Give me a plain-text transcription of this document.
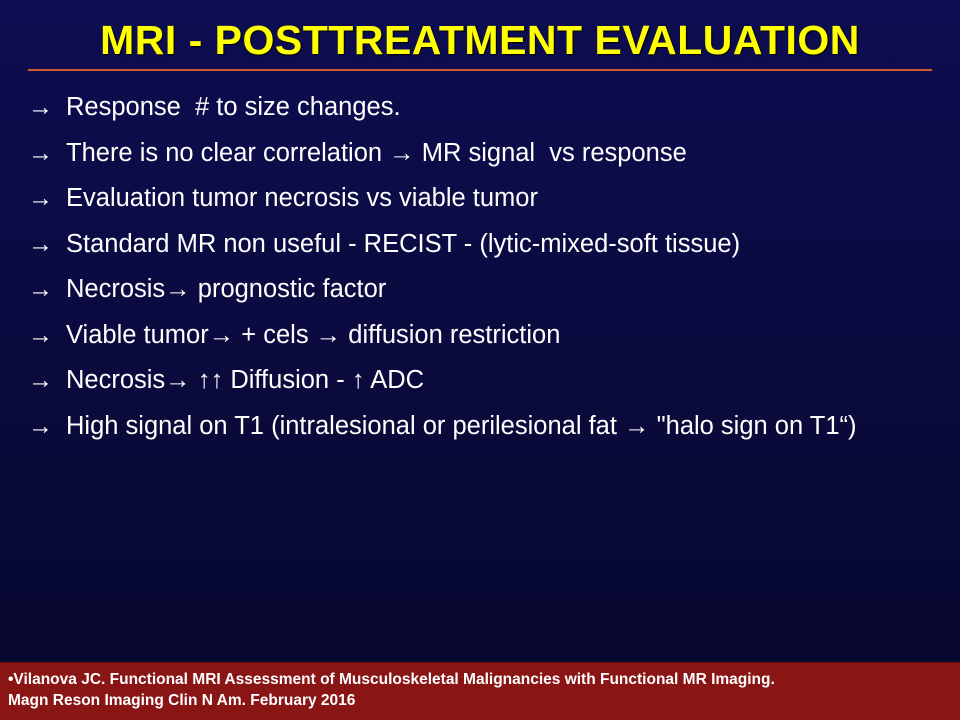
MRI - POSTTREATMENT EVALUATION
→ Response  # to size changes.
→ There is no clear correlation → MR signal  vs response
→ Evaluation tumor necrosis vs viable tumor
→ Standard MR non useful - RECIST - (lytic-mixed-soft tissue)
→ Necrosis→ prognostic factor
→ Viable tumor→ + cels → diffusion restriction
→ Necrosis→ ↑↑ Diffusion - ↑ ADC
→ High signal on T1 (intralesional or perilesional fat → "halo sign on T1“)
•Vilanova JC. Functional MRI Assessment of Musculoskeletal Malignancies with Functional MR Imaging.
Magn Reson Imaging Clin N Am. February 2016
